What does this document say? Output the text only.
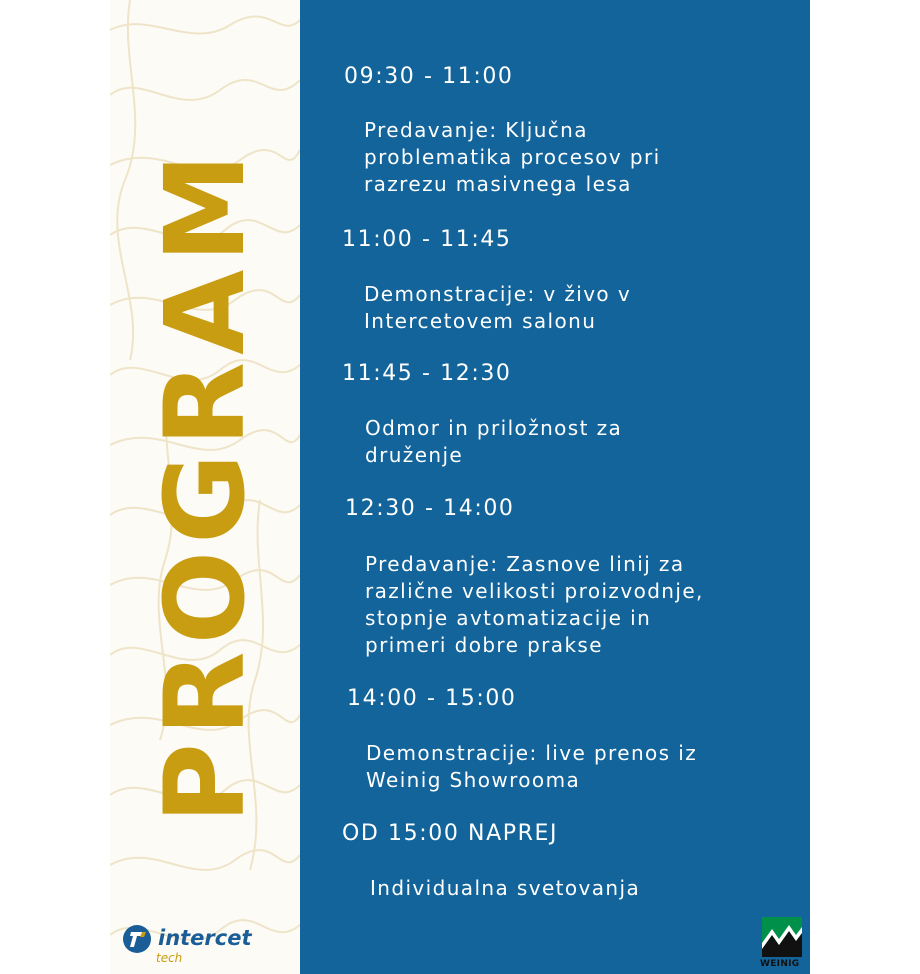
PROGRAM
09:30 - 11:00
Predavanje: Ključna
problematika procesov pri
razrezu masivnega lesa
11:00 - 11:45
Demonstracije: v živo v
Intercetovem salonu
11:45 - 12:30
Odmor in priložnost za
druženje
12:30 - 14:00
Predavanje: Zasnove linij za
različne velikosti proizvodnje,
stopnje avtomatizacije in
primeri dobre prakse
14:00 - 15:00
Demonstracije: live prenos iz
Weinig Showrooma
OD 15:00 NAPREJ
Individualna svetovanja
intercet
tech	WEINIG
